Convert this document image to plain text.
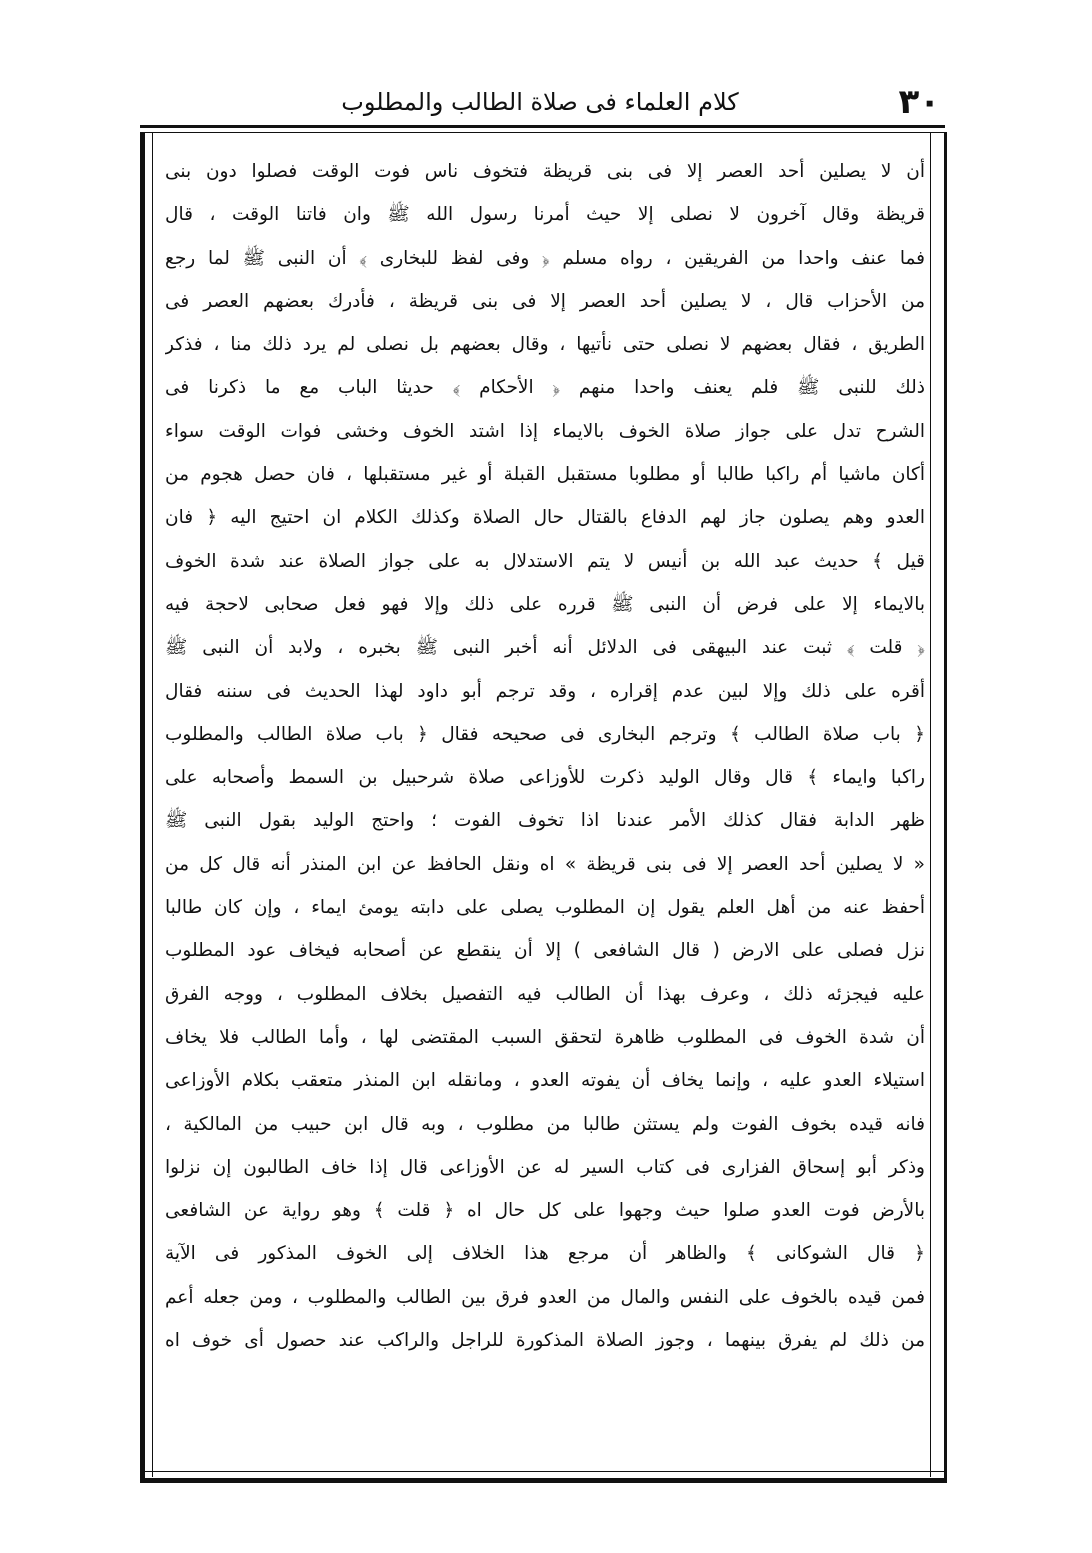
٣٠
كلام العلماء فى صلاة الطالب والمطلوب
أن لا يصلين أحد العصر إلا فى بنى قريظة فتخوف ناس فوت الوقت فصلوا دون بنى
قريظة وقال آخرون لا نصلى إلا حيث أمرنا رسول الله ﷺ وان فاتنا الوقت ، قال
فما عنف واحدا من الفريقين ، رواه مسلم ﴿ وفى لفظ للبخارى ﴾ أن النبى ﷺ لما رجع
من الأحزاب قال ، لا يصلين أحد العصر إلا فى بنى قريظة ، فأدرك بعضهم العصر فى
الطريق ، فقال بعضهم لا نصلى حتى نأتيها ، وقال بعضهم بل نصلى لم يرد ذلك منا ، فذكر
ذلك للنبى ﷺ فلم يعنف واحدا منهم ﴿ الأحكام ﴾ حديثا الباب مع ما ذكرنا فى
الشرح تدل على جواز صلاة الخوف بالايماء إذا اشتد الخوف وخشى فوات الوقت سواء
أكان ماشيا أم راكبا طالبا أو مطلوبا مستقبل القبلة أو غير مستقبلها ، فان حصل هجوم من
العدو وهم يصلون جاز لهم الدفاع بالقتال حال الصلاة وكذلك الكلام ان احتيج اليه ﴿ فان
قيل ﴾ حديث عبد الله بن أنيس لا يتم الاستدلال به على جواز الصلاة عند شدة الخوف
بالايماء إلا على فرض أن النبى ﷺ قرره على ذلك وإلا فهو فعل صحابى لاحجة فيه
﴿ قلت ﴾ ثبت عند البيهقى فى الدلائل أنه أخبر النبى ﷺ بخبره ، ولابد أن النبى ﷺ
أقره على ذلك وإلا لبين عدم إقراره ، وقد ترجم أبو داود لهذا الحديث فى سننه فقال
﴿ باب صلاة الطالب ﴾ وترجم البخارى فى صحيحه فقال ﴿ باب صلاة الطالب والمطلوب
راكبا وايماء ﴾ قال وقال الوليد ذكرت للأوزاعى صلاة شرحبيل بن السمط وأصحابه على
ظهر الدابة فقال كذلك الأمر عندنا اذا تخوف الفوت ؛ واحتج الوليد بقول النبى ﷺ
« لا يصلين أحد العصر إلا فى بنى قريظة » اه ونقل الحافظ عن ابن المنذر أنه قال كل من
أحفظ عنه من أهل العلم يقول إن المطلوب يصلى على دابته يومئ ايماء ، وإن كان طالبا
نزل فصلى على الارض ( قال الشافعى ) إلا أن ينقطع عن أصحابه فيخاف عود المطلوب
عليه فيجزئه ذلك ، وعرف بهذا أن الطالب فيه التفصيل بخلاف المطلوب ، ووجه الفرق
أن شدة الخوف فى المطلوب ظاهرة لتحقق السبب المقتضى لها ، وأما الطالب فلا يخاف
استيلاء العدو عليه ، وإنما يخاف أن يفوته العدو ، ومانقله ابن المنذر متعقب بكلام الأوزاعى
فانه قيده بخوف الفوت ولم يستثن طالبا من مطلوب ، وبه قال ابن حبيب من المالكية ،
وذكر أبو إسحاق الفزارى فى كتاب السير له عن الأوزاعى قال إذا خاف الطالبون إن نزلوا
بالأرض فوت العدو صلوا حيث وجهوا على كل حال اه ﴿ قلت ﴾ وهو رواية عن الشافعى
﴿ قال الشوكانى ﴾ والظاهر أن مرجع هذا الخلاف إلى الخوف المذكور فى الآية
فمن قيده بالخوف على النفس والمال من العدو فرق بين الطالب والمطلوب ، ومن جعله أعم
من ذلك لم يفرق بينهما ، وجوز الصلاة المذكورة للراجل والراكب عند حصول أى خوف اه
